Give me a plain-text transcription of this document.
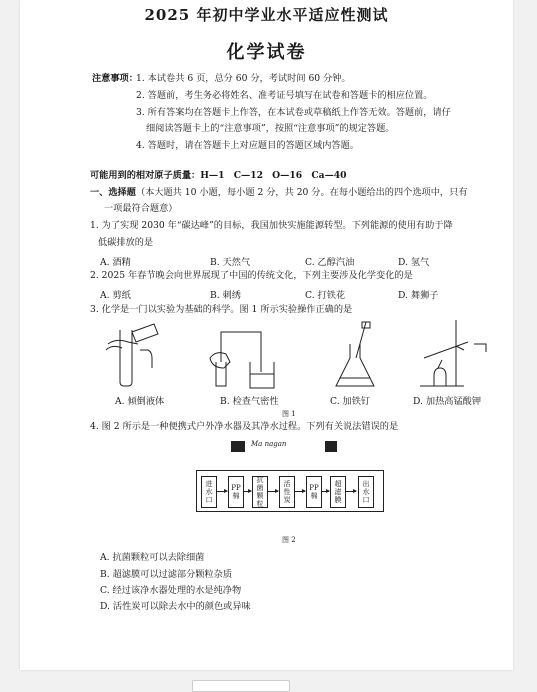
2025 年初中学业水平适应性测试
化学试卷
注意事项：
1. 本试卷共 6 页，总分 60 分，考试时间 60 分钟。
2. 答题前，考生务必将姓名、准考证号填写在试卷和答题卡的相应位置。
3. 所有答案均在答题卡上作答，在本试卷或草稿纸上作答无效。答题前，请仔
细阅读答题卡上的“注意事项”，按照“注意事项”的规定答题。
4. 答题时，请在答题卡上对应题目的答题区域内答题。
可能用到的相对原子质量：H—1　C—12　O—16　Ca—40
一、选择题（本大题共 10 小题，每小题 2 分，共 20 分。在每小题给出的四个选项中，只有
一项最符合题意）
1. 为了实现 2030 年“碳达峰”的目标，我国加快实施能源转型。下列能源的使用有助于降
低碳排放的是
A. 酒精	B. 天然气	C. 乙醇汽油	D. 氢气
2. 2025 年春节晚会向世界展现了中国的传统文化，下列主要涉及化学变化的是
A. 剪纸	B. 刺绣	C. 打铁花	D. 舞狮子
3. 化学是一门以实验为基础的科学。图 1 所示实验操作正确的是
A. 倾倒液体	B. 检查气密性	C. 加铁钉	D. 加热高锰酸钾
图 1
4. 图 2 所示是一种便携式户外净水器及其净水过程。下列有关说法错误的是
Ma nagan
进水口
PP棉
抗菌颗粒
活性炭
PP棉
超滤膜
出水口
图 2
A. 抗菌颗粒可以去除细菌
B. 超滤膜可以过滤部分颗粒杂质
C. 经过该净水器处理的水是纯净物
D. 活性炭可以除去水中的颜色或异味
